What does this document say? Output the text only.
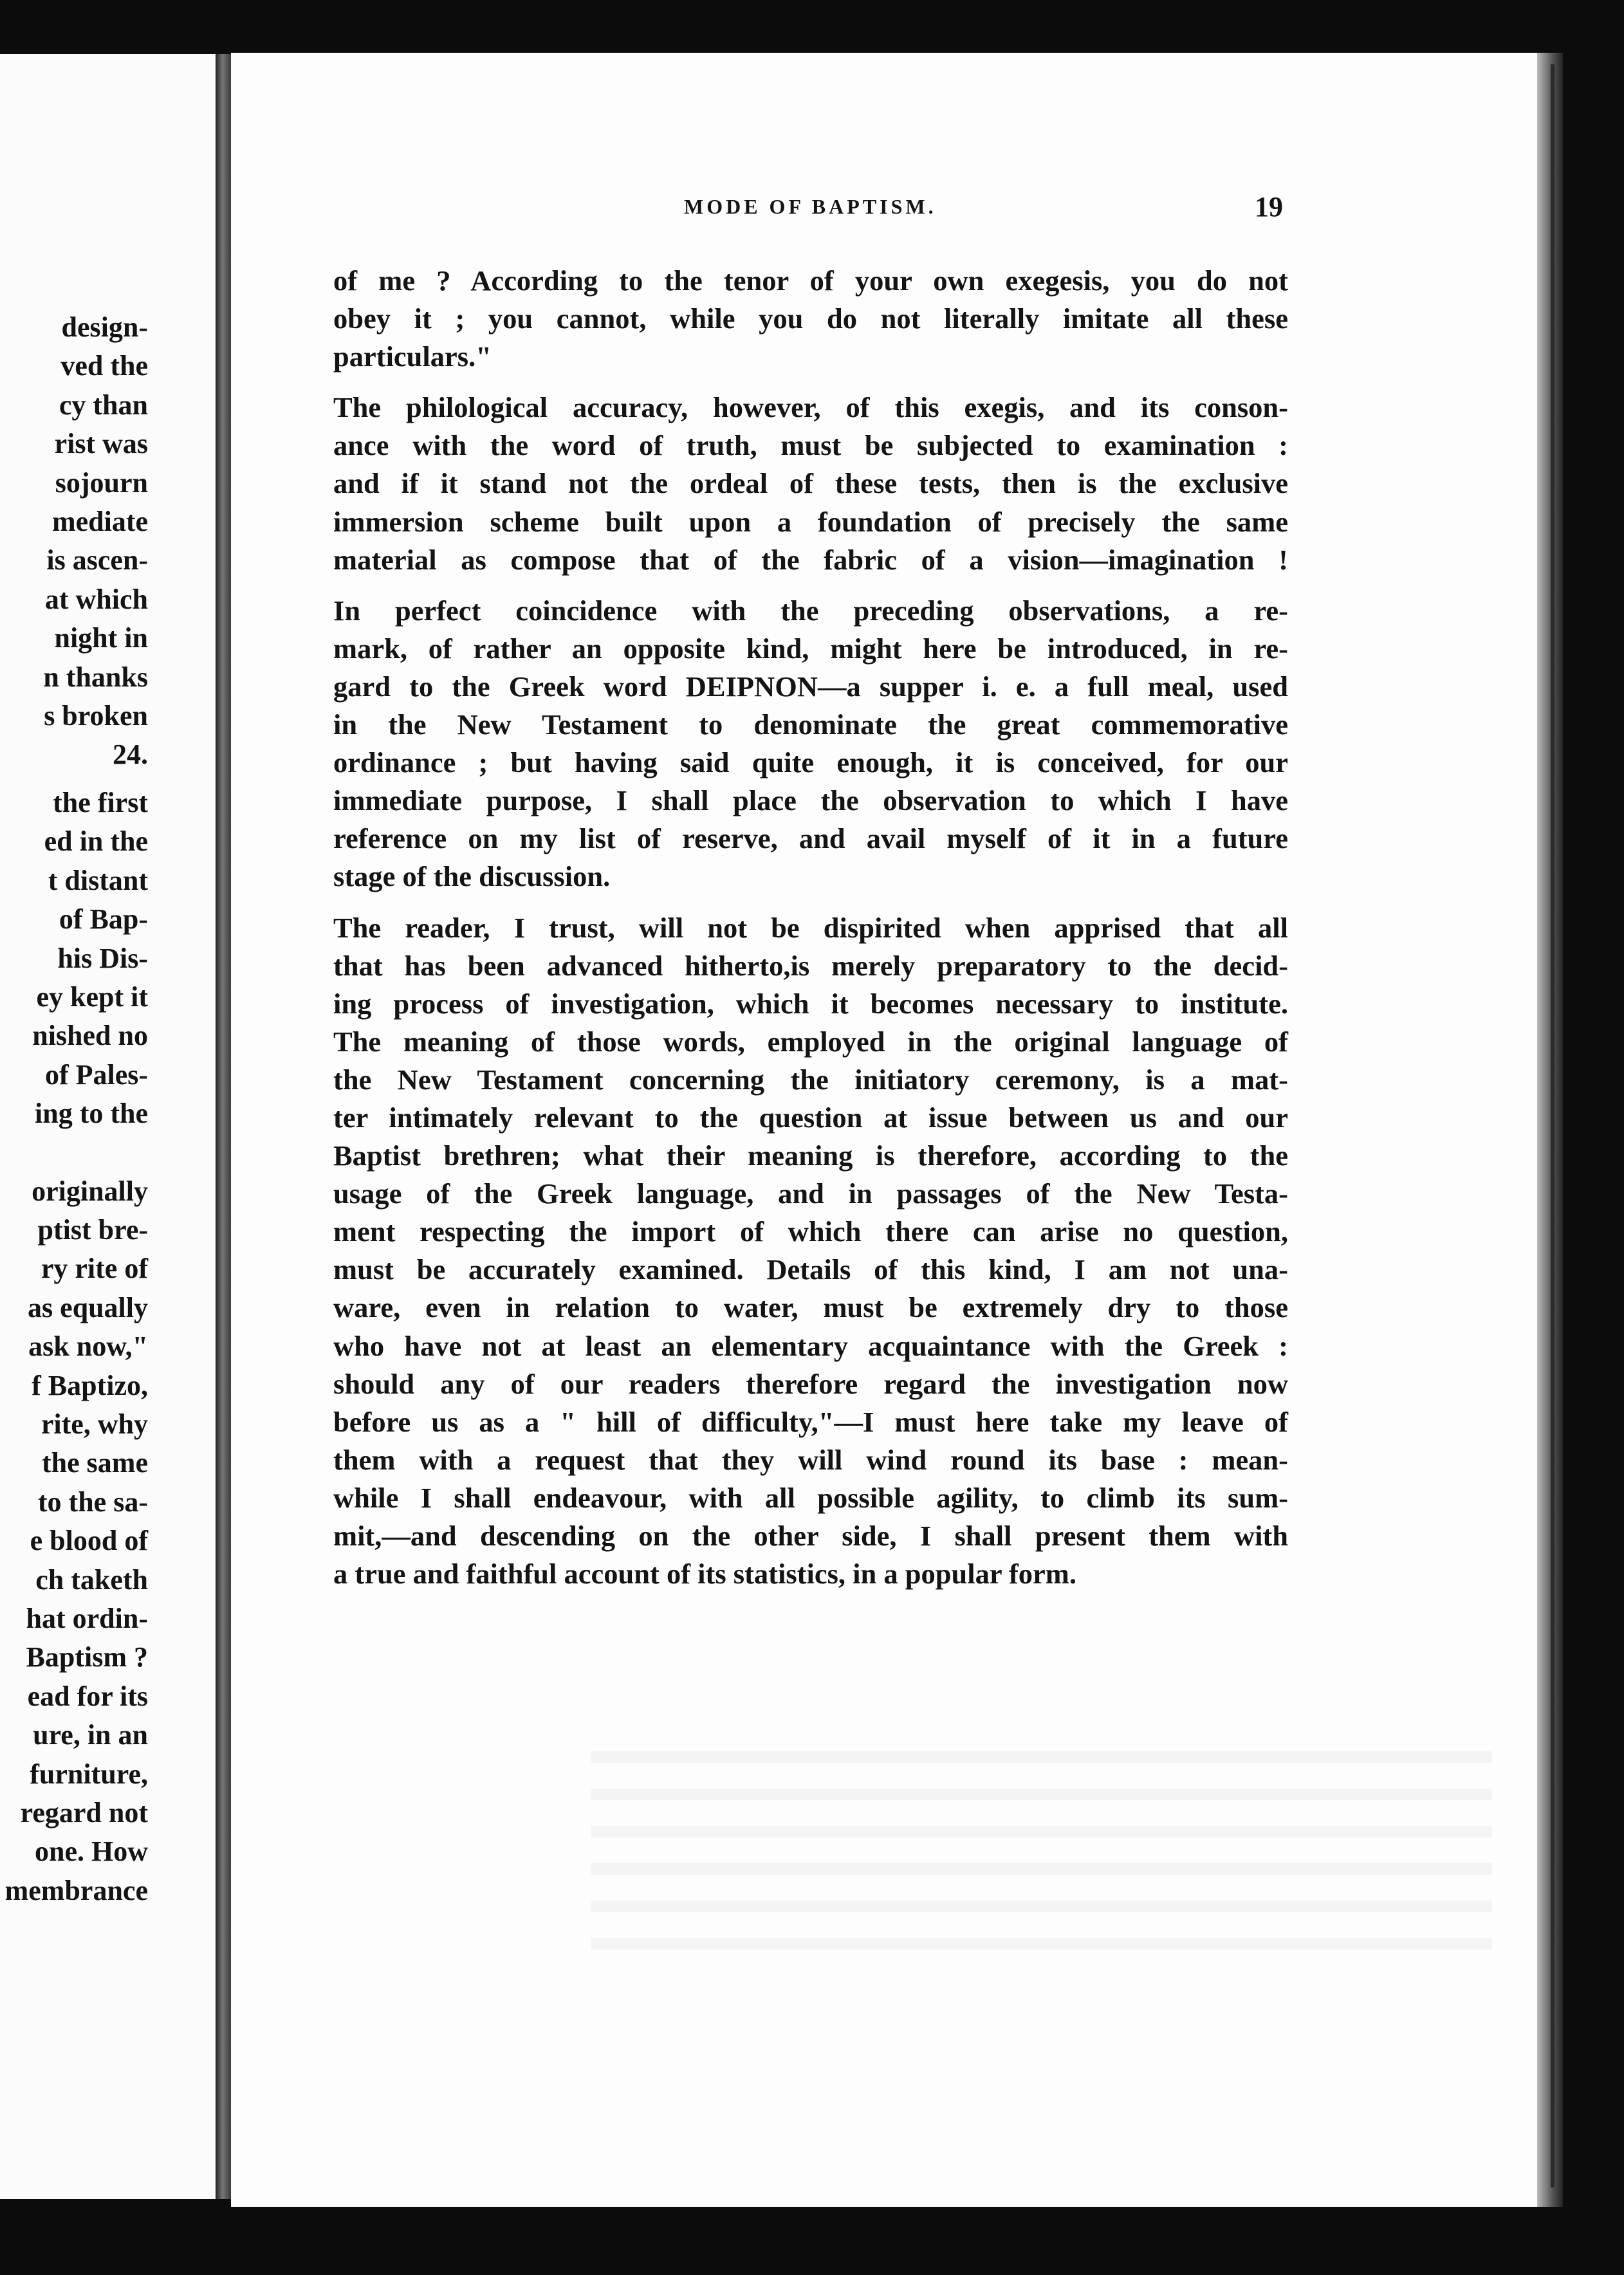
design-
ved the
cy than
rist was
sojourn
mediate
is ascen-
at which
night in
n thanks
s broken
24.
the first
ed in the
t distant
of Bap-
his Dis-
ey kept it
nished no
of Pales-
ing to the
originally
ptist bre-
ry rite of
as equally
ask now,"
f Baptizo,
rite, why
the same
to the sa-
e blood of
ch taketh
hat ordin-
Baptism ?
ead for its
ure, in an
furniture,
regard not
one. How
membrance
MODE OF BAPTISM.	19
of me ? According to the tenor of your own exegesis, you do not
obey it ; you cannot, while you do not literally imitate all these
particulars."
The philological accuracy, however, of this exegis, and its conson-
ance with the word of truth, must be subjected to examination :
and if it stand not the ordeal of these tests, then is the exclusive
immersion scheme built upon a foundation of precisely the same
material as compose that of the fabric of a vision—imagination !
In perfect coincidence with the preceding observations, a re-
mark, of rather an opposite kind, might here be introduced, in re-
gard to the Greek word DEIPNON—a supper i. e. a full meal, used
in the New Testament to denominate the great commemorative
ordinance ; but having said quite enough, it is conceived, for our
immediate purpose, I shall place the observation to which I have
reference on my list of reserve, and avail myself of it in a future
stage of the discussion.
The reader, I trust, will not be dispirited when apprised that all
that has been advanced hitherto,is merely preparatory to the decid-
ing process of investigation, which it becomes necessary to institute.
The meaning of those words, employed in the original language of
the New Testament concerning the initiatory ceremony, is a mat-
ter intimately relevant to the question at issue between us and our
Baptist brethren; what their meaning is therefore, according to the
usage of the Greek language, and in passages of the New Testa-
ment respecting the import of which there can arise no question,
must be accurately examined. Details of this kind, I am not una-
ware, even in relation to water, must be extremely dry to those
who have not at least an elementary acquaintance with the Greek :
should any of our readers therefore regard the investigation now
before us as a " hill of difficulty,"—I must here take my leave of
them with a request that they will wind round its base : mean-
while I shall endeavour, with all possible agility, to climb its sum-
mit,—and descending on the other side, I shall present them with
a true and faithful account of its statistics, in a popular form.
